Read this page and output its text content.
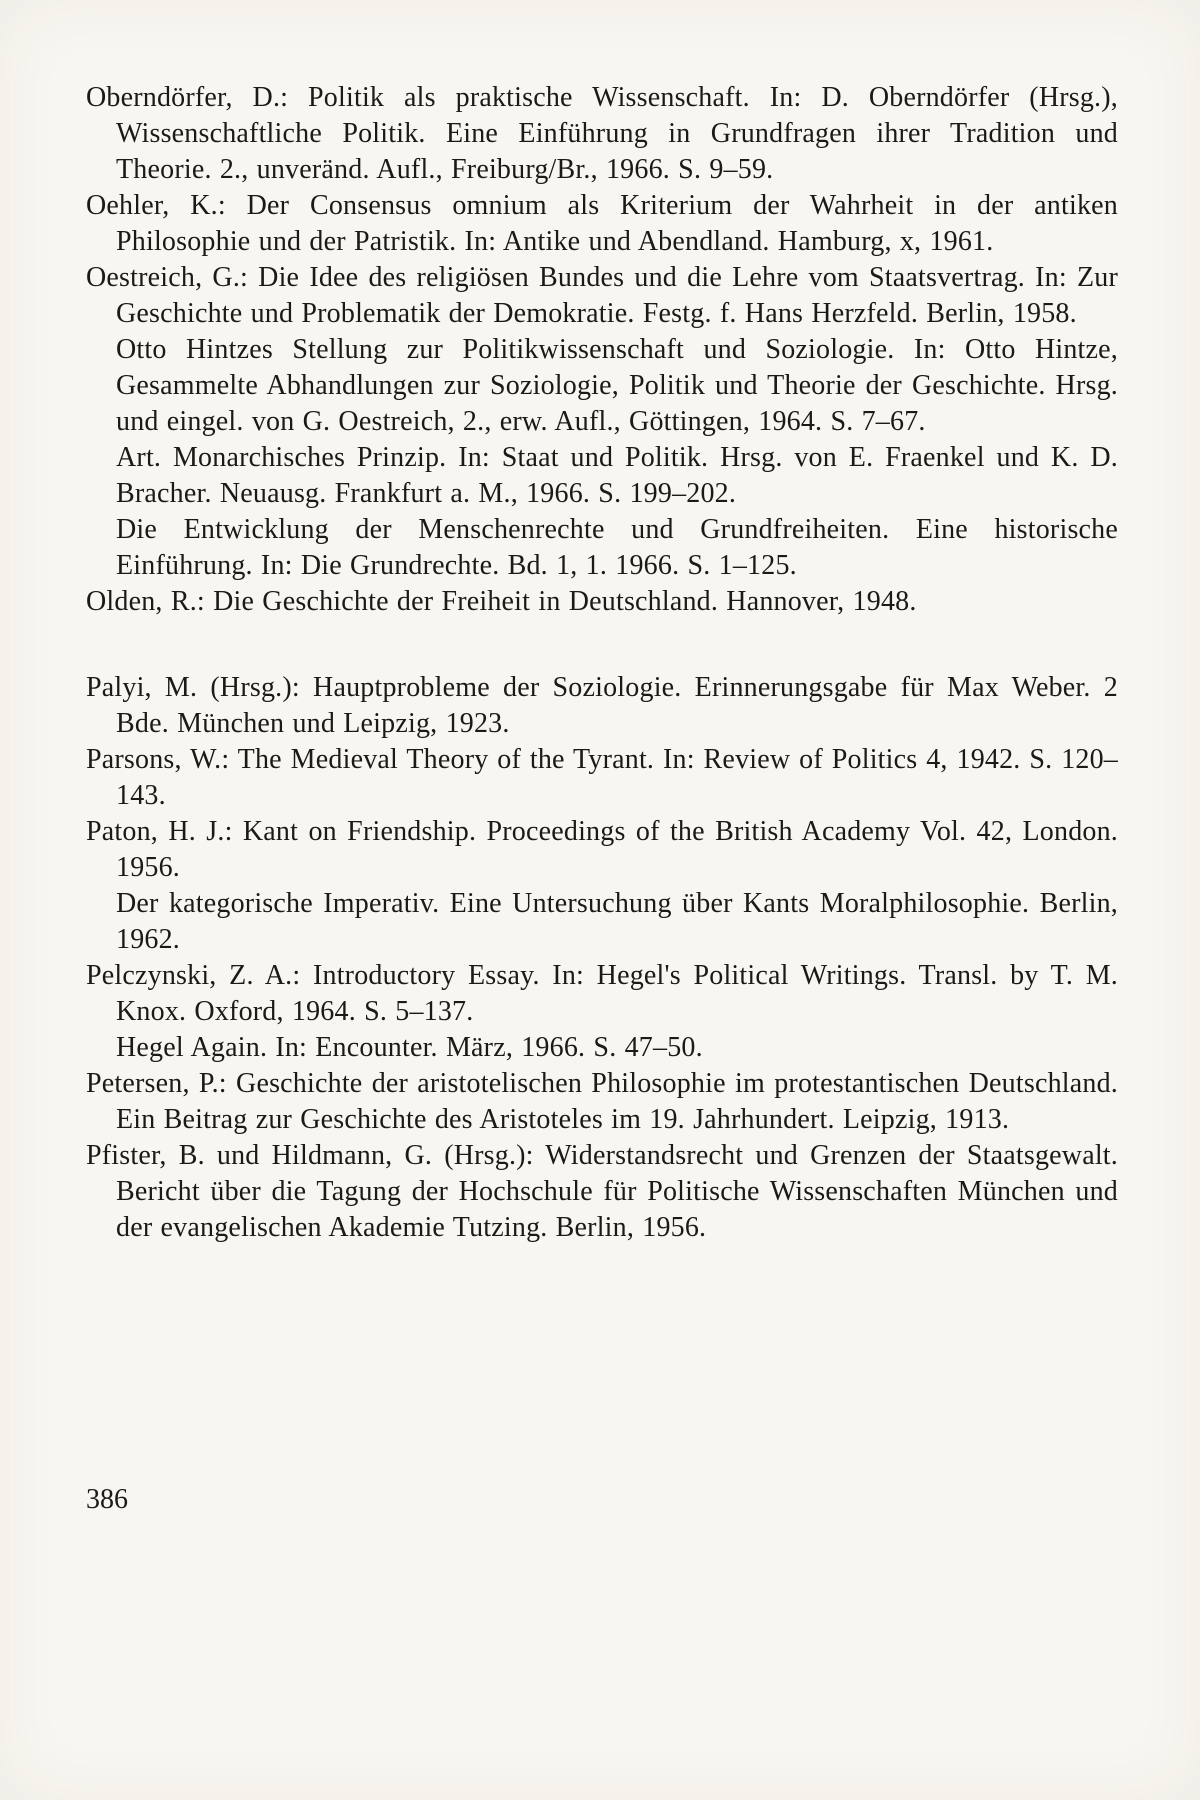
Oberndörfer, D.: Politik als praktische Wissenschaft. In: D. Oberndörfer (Hrsg.), Wissenschaftliche Politik. Eine Einführung in Grundfragen ihrer Tradition und Theorie. 2., unveränd. Aufl., Freiburg/Br., 1966. S. 9–59.

Oehler, K.: Der Consensus omnium als Kriterium der Wahrheit in der antiken Philosophie und der Patristik. In: Antike und Abendland. Hamburg, x, 1961.

Oestreich, G.: Die Idee des religiösen Bundes und die Lehre vom Staatsvertrag. In: Zur Geschichte und Problematik der Demokratie. Festg. f. Hans Herzfeld. Berlin, 1958.

Otto Hintzes Stellung zur Politikwissenschaft und Soziologie. In: Otto Hintze, Gesammelte Abhandlungen zur Soziologie, Politik und Theorie der Geschichte. Hrsg. und eingel. von G. Oestreich, 2., erw. Aufl., Göttingen, 1964. S. 7–67.

Art. Monarchisches Prinzip. In: Staat und Politik. Hrsg. von E. Fraenkel und K. D. Bracher. Neuausg. Frankfurt a. M., 1966. S. 199–202.

Die Entwicklung der Menschenrechte und Grundfreiheiten. Eine historische Einführung. In: Die Grundrechte. Bd. 1, 1. 1966. S. 1–125.

Olden, R.: Die Geschichte der Freiheit in Deutschland. Hannover, 1948.

Palyi, M. (Hrsg.): Hauptprobleme der Soziologie. Erinnerungsgabe für Max Weber. 2 Bde. München und Leipzig, 1923.

Parsons, W.: The Medieval Theory of the Tyrant. In: Review of Politics 4, 1942. S. 120–143.

Paton, H. J.: Kant on Friendship. Proceedings of the British Academy Vol. 42, London. 1956.

Der kategorische Imperativ. Eine Untersuchung über Kants Moralphilosophie. Berlin, 1962.

Pelczynski, Z. A.: Introductory Essay. In: Hegel's Political Writings. Transl. by T. M. Knox. Oxford, 1964. S. 5–137.

Hegel Again. In: Encounter. März, 1966. S. 47–50.

Petersen, P.: Geschichte der aristotelischen Philosophie im protestantischen Deutschland. Ein Beitrag zur Geschichte des Aristoteles im 19. Jahrhundert. Leipzig, 1913.

Pfister, B. und Hildmann, G. (Hrsg.): Widerstandsrecht und Grenzen der Staatsgewalt. Bericht über die Tagung der Hochschule für Politische Wissenschaften München und der evangelischen Akademie Tutzing. Berlin, 1956.

386
